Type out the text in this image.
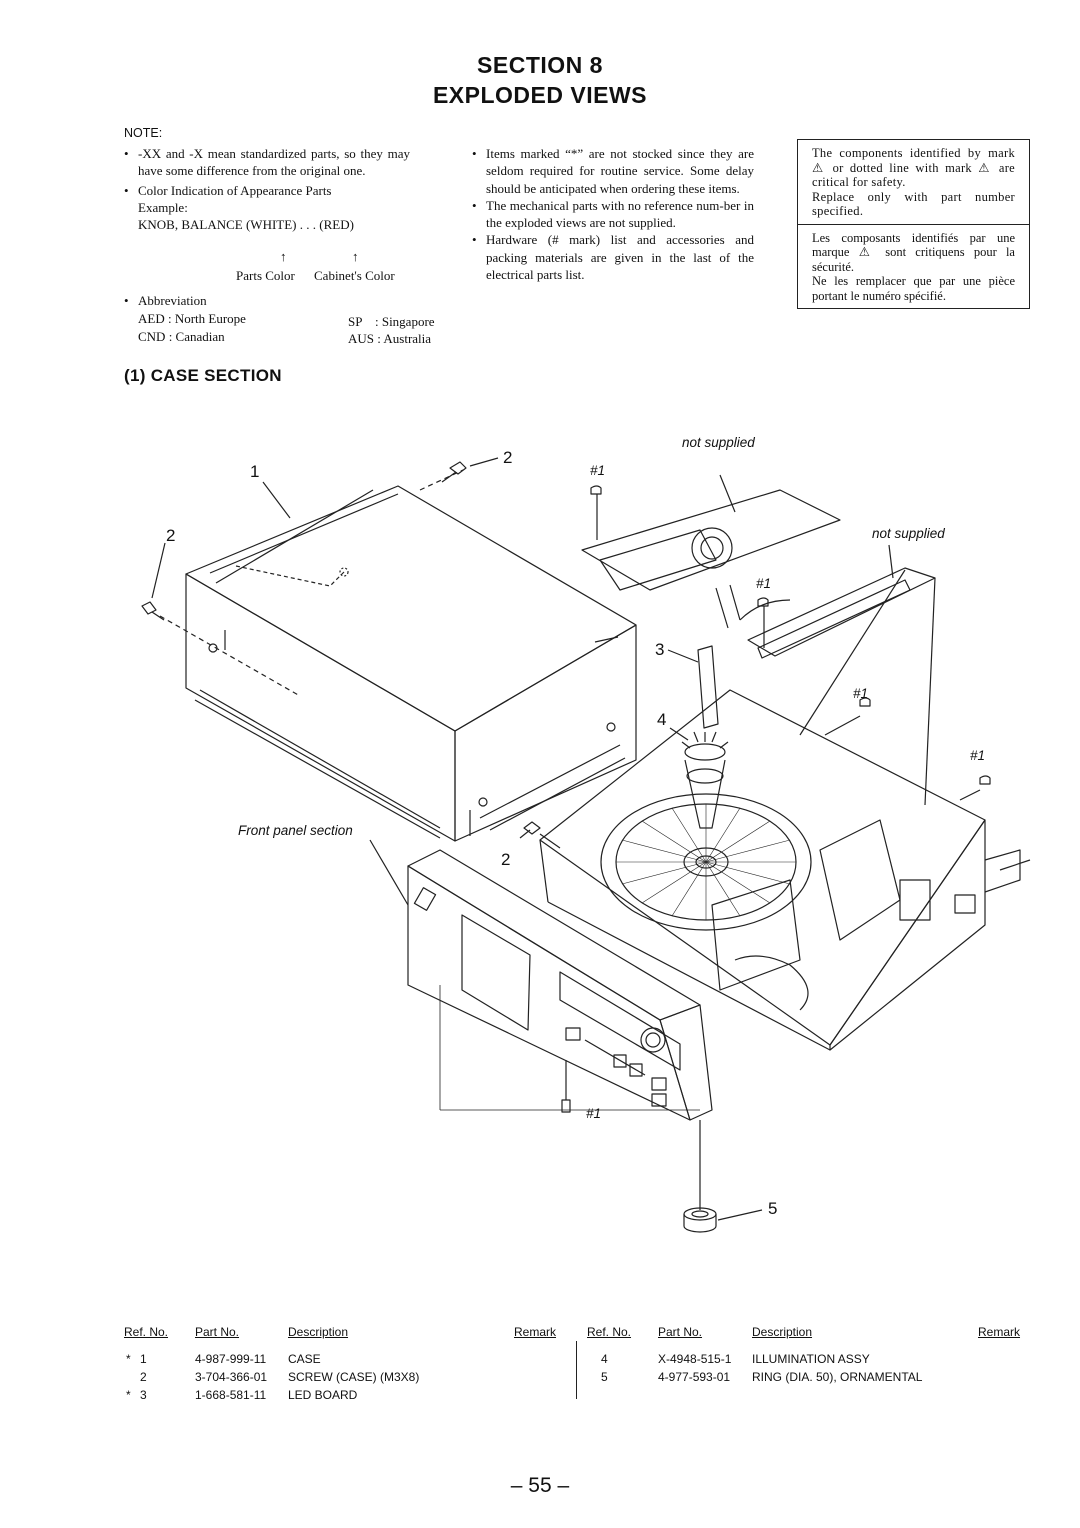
SECTION 8
EXPLODED VIEWS
NOTE:
• -XX and -X mean standardized parts, so they may have some difference from the original one.
• Color Indication of Appearance Parts
Example:
KNOB, BALANCE (WHITE) . . . (RED)
↑	↑
Parts Color Cabinet's Color
• Abbreviation
AED : North Europe
CND : Canadian
SP    : Singapore
AUS : Australia
• Items marked “*” are not stocked since they are seldom required for routine service. Some delay should be anticipated when ordering these items.
• The mechanical parts with no reference num-ber in the exploded views are not supplied.
• Hardware (# mark) list and accessories and packing materials are given in the last of the electrical parts list.
The components identified by mark ⚠ or dotted line with mark ⚠ are critical for safety.
Replace only with part number specified.
Les composants identifiés par une marque ⚠ sont critiquens pour la sécurité.
Ne les remplacer que par une pièce portant le numéro spécifié.
(1) CASE SECTION
1
2
2
2
3
4
5
not supplied
not supplied
Front panel section
#1
#1
#1
#1
#1
Ref. No. Part No.	Description	Remark	Ref. No. Part No.	Description	Remark
* 1	4-987-999-11 CASE
2	3-704-366-01 SCREW (CASE) (M3X8)
* 3	1-668-581-11 LED BOARD
4	X-4948-515-1 ILLUMINATION ASSY
5	4-977-593-01 RING (DIA. 50), ORNAMENTAL
– 55 –
